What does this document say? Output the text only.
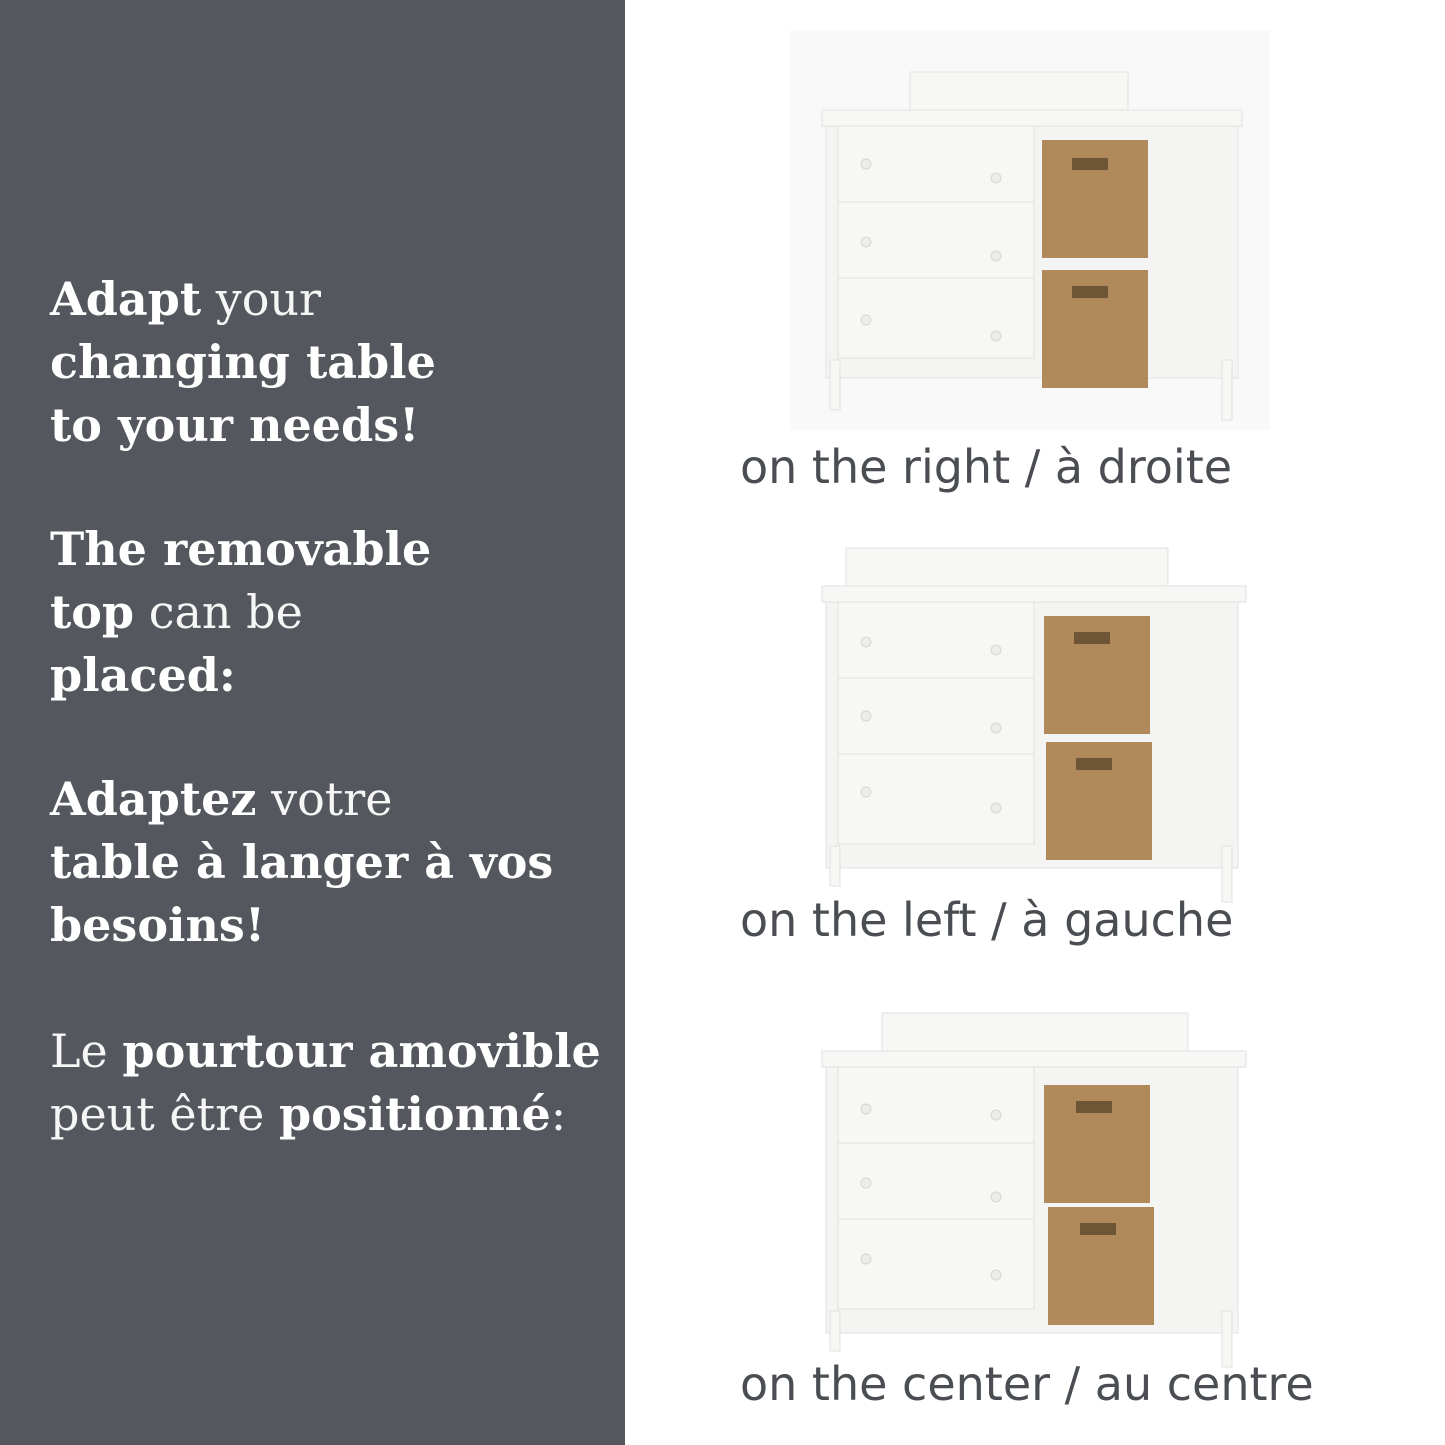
Adapt your
changing table
to your needs!
The removable
top can be
placed:
Adaptez votre
table à langer à vos
besoins!
Le pourtour amovible
peut être positionné:
on the right / à droite
on the left / à gauche
on the center / au centre
